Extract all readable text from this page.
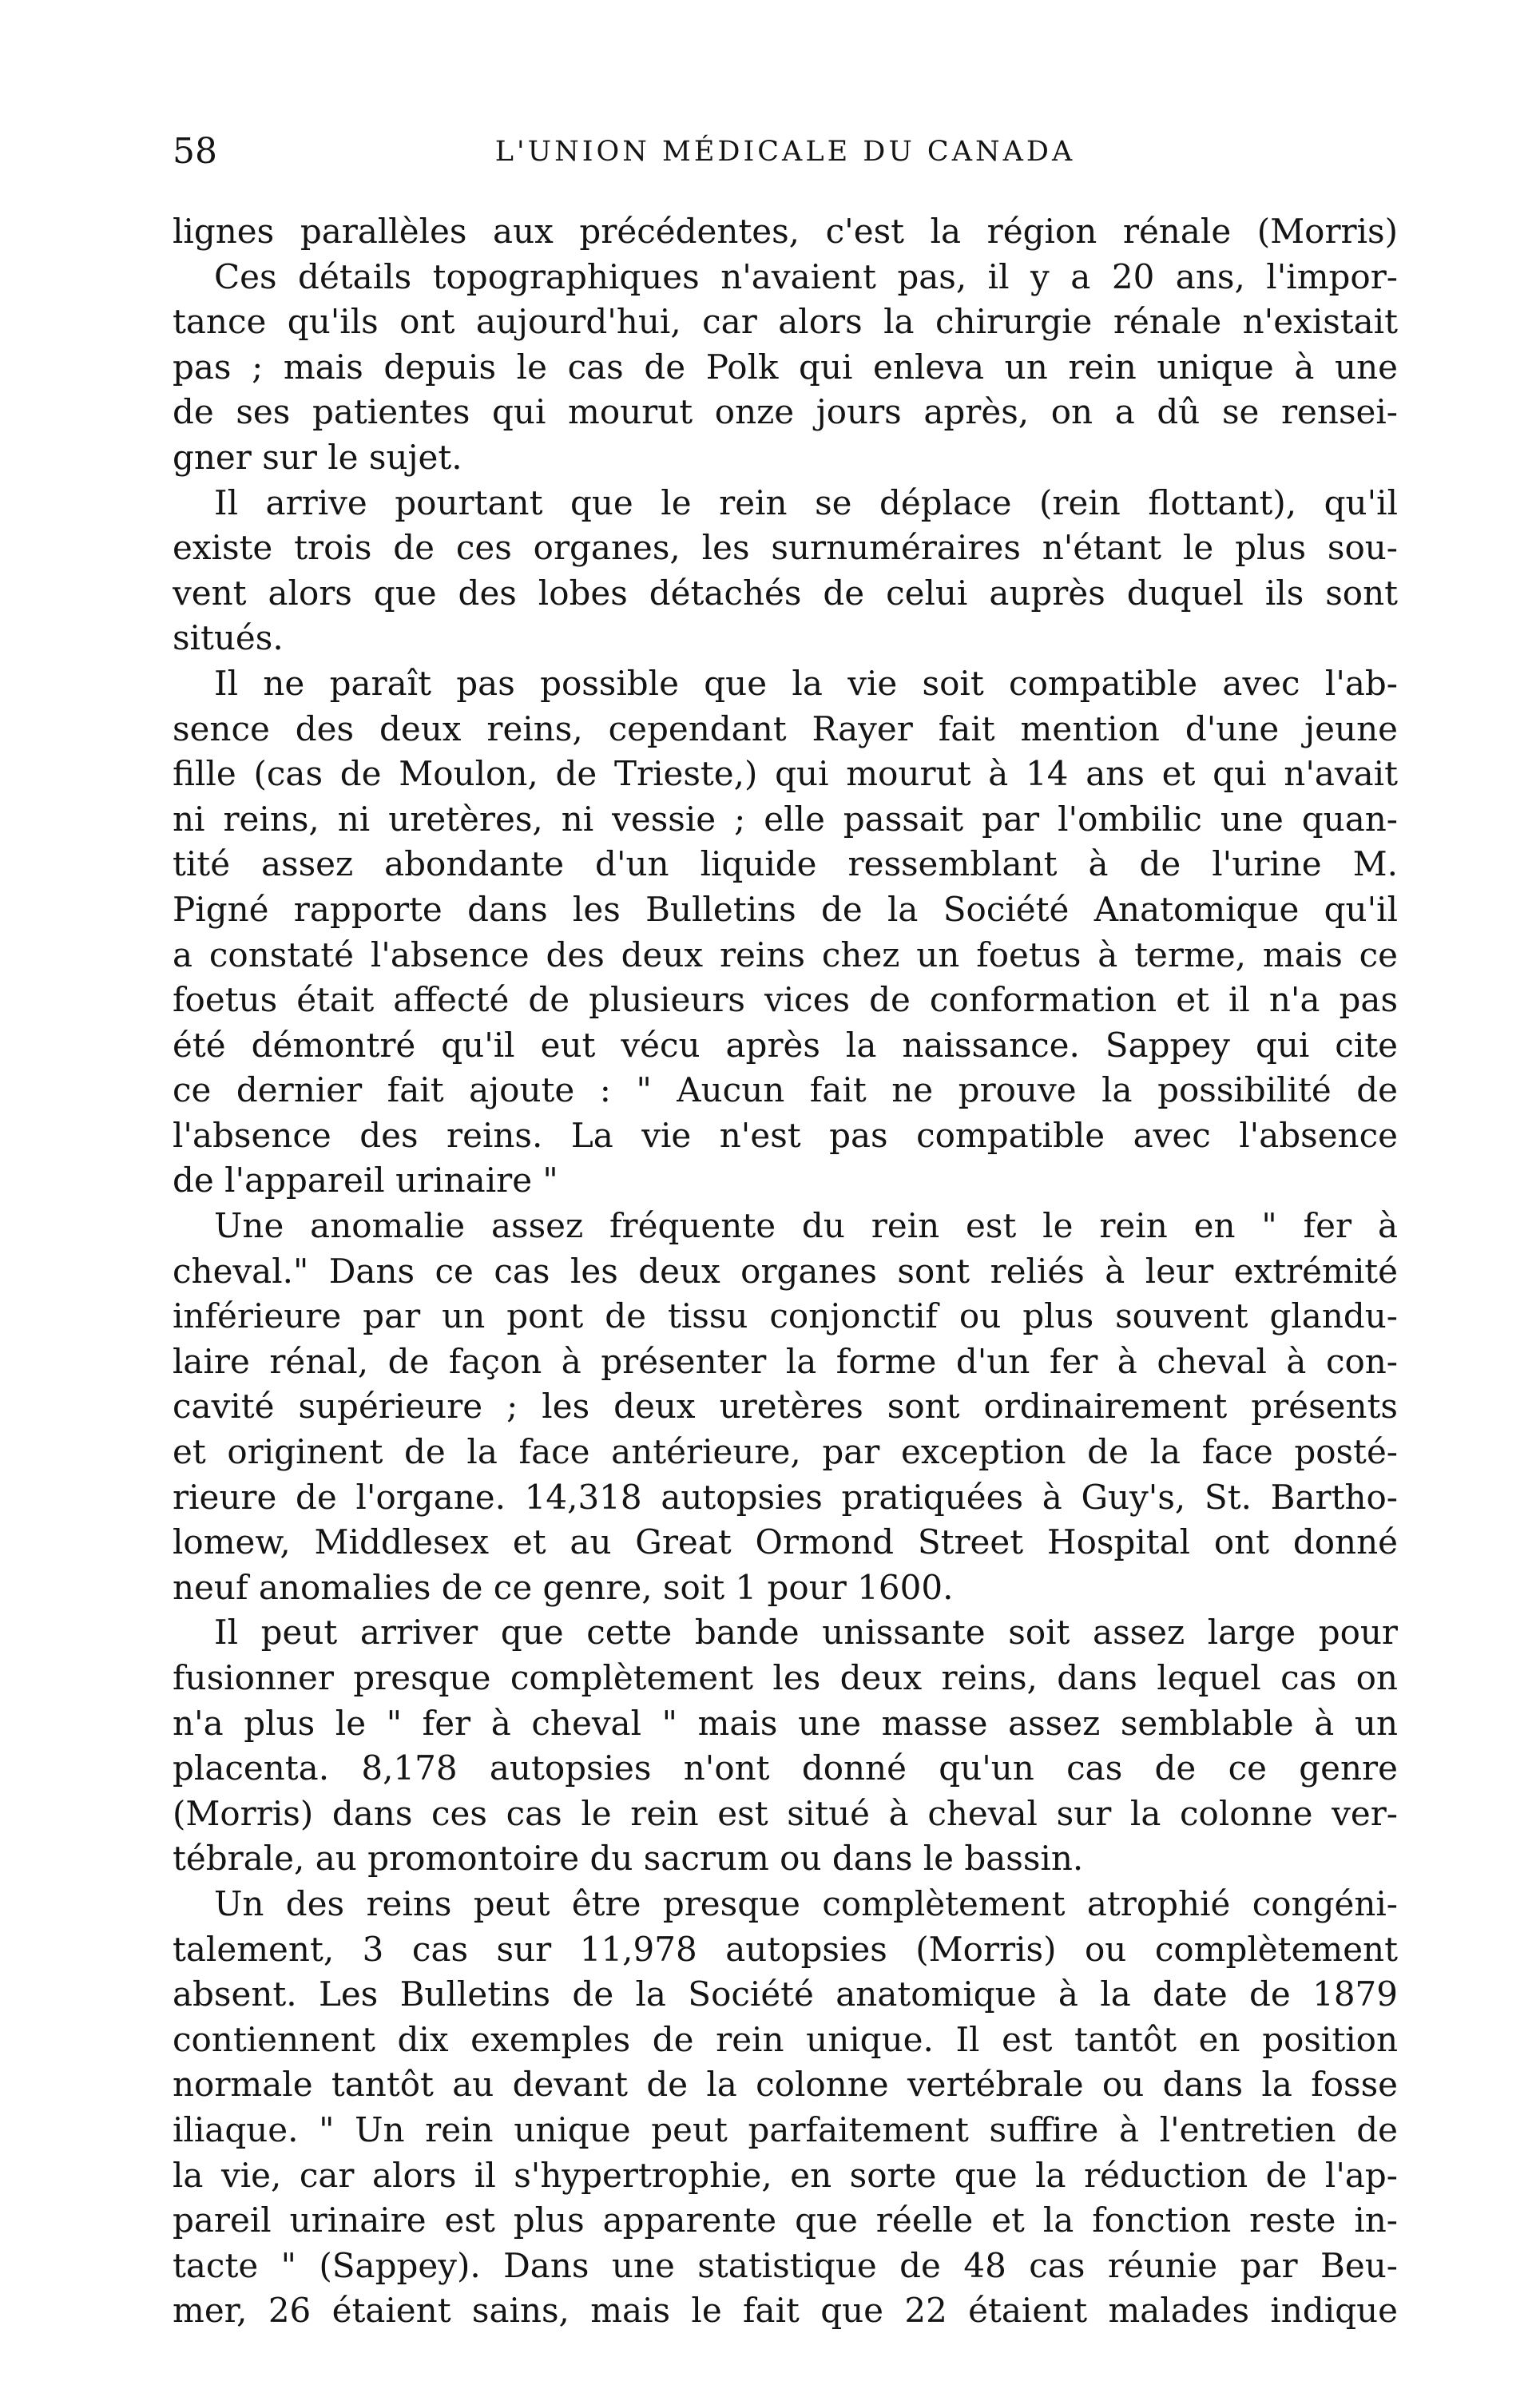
58	L'UNION MÉDICALE DU CANADA
lignes parallèles aux précédentes, c'est la région rénale (Morris)
Ces détails topographiques n'avaient pas, il y a 20 ans, l'impor-
tance qu'ils ont aujourd'hui, car alors la chirurgie rénale n'existait
pas ; mais depuis le cas de Polk qui enleva un rein unique à une
de ses patientes qui mourut onze jours après, on a dû se rensei-
gner sur le sujet.
Il arrive pourtant que le rein se déplace (rein flottant), qu'il
existe trois de ces organes, les surnuméraires n'étant le plus sou-
vent alors que des lobes détachés de celui auprès duquel ils sont
situés.
Il ne paraît pas possible que la vie soit compatible avec l'ab-
sence des deux reins, cependant Rayer fait mention d'une jeune
fille (cas de Moulon, de Trieste,) qui mourut à 14 ans et qui n'avait
ni reins, ni uretères, ni vessie ; elle passait par l'ombilic une quan-
tité assez abondante d'un liquide ressemblant à de l'urine M.
Pigné rapporte dans les Bulletins de la Société Anatomique qu'il
a constaté l'absence des deux reins chez un foetus à terme, mais ce
foetus était affecté de plusieurs vices de conformation et il n'a pas
été démontré qu'il eut vécu après la naissance. Sappey qui cite
ce dernier fait ajoute : " Aucun fait ne prouve la possibilité de
l'absence des reins. La vie n'est pas compatible avec l'absence
de l'appareil urinaire "
Une anomalie assez fréquente du rein est le rein en " fer à
cheval." Dans ce cas les deux organes sont reliés à leur extrémité
inférieure par un pont de tissu conjonctif ou plus souvent glandu-
laire rénal, de façon à présenter la forme d'un fer à cheval à con-
cavité supérieure ; les deux uretères sont ordinairement présents
et originent de la face antérieure, par exception de la face posté-
rieure de l'organe. 14,318 autopsies pratiquées à Guy's, St. Bartho-
lomew, Middlesex et au Great Ormond Street Hospital ont donné
neuf anomalies de ce genre, soit 1 pour 1600.
Il peut arriver que cette bande unissante soit assez large pour
fusionner presque complètement les deux reins, dans lequel cas on
n'a plus le " fer à cheval " mais une masse assez semblable à un
placenta. 8,178 autopsies n'ont donné qu'un cas de ce genre
(Morris) dans ces cas le rein est situé à cheval sur la colonne ver-
tébrale, au promontoire du sacrum ou dans le bassin.
Un des reins peut être presque complètement atrophié congéni-
talement, 3 cas sur 11,978 autopsies (Morris) ou complètement
absent. Les Bulletins de la Société anatomique à la date de 1879
contiennent dix exemples de rein unique. Il est tantôt en position
normale tantôt au devant de la colonne vertébrale ou dans la fosse
iliaque. " Un rein unique peut parfaitement suffire à l'entretien de
la vie, car alors il s'hypertrophie, en sorte que la réduction de l'ap-
pareil urinaire est plus apparente que réelle et la fonction reste in-
tacte " (Sappey). Dans une statistique de 48 cas réunie par Beu-
mer, 26 étaient sains, mais le fait que 22 étaient malades indique
